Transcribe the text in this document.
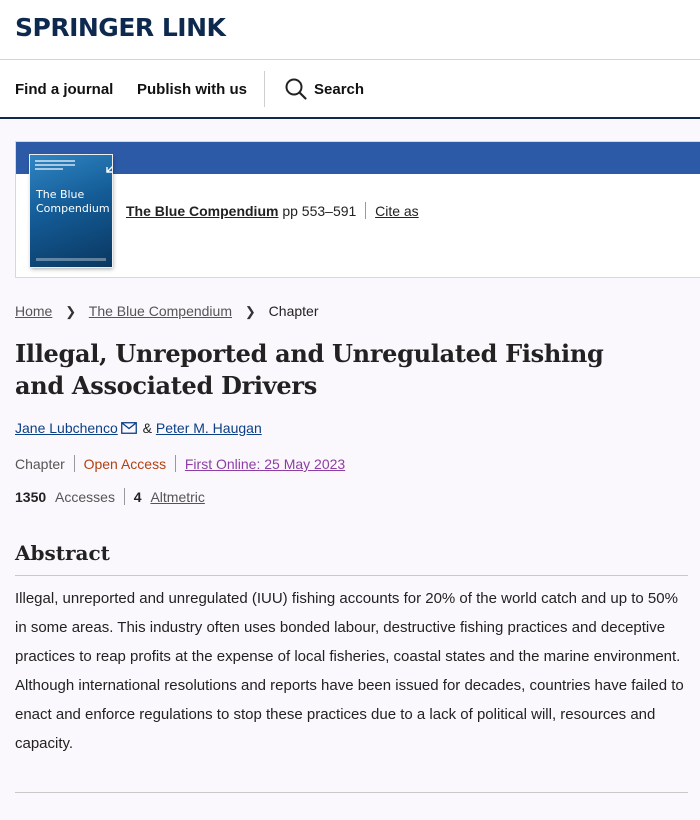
SPRINGER LINK
Find a journal Publish with us	Search
The Blue
Compendium The Blue Compendium pp 553–591 Cite as
Home ❯ The Blue Compendium ❯ Chapter
Illegal, Unreported and Unregulated Fishing and Associated Drivers
Jane Lubchenco & Peter M. Haugan
Chapter Open Access First Online: 25 May 2023
1350 Accesses 4 Altmetric
Abstract

Illegal, unreported and unregulated (IUU) fishing accounts for 20% of the world catch and up to 50% in some areas. This industry often uses bonded labour, destructive fishing practices and deceptive practices to reap profits at the expense of local fisheries, coastal states and the marine environment. Although international resolutions and reports have been issued for decades, countries have failed to enact and enforce regulations to stop these practices due to a lack of political will, resources and capacity.
